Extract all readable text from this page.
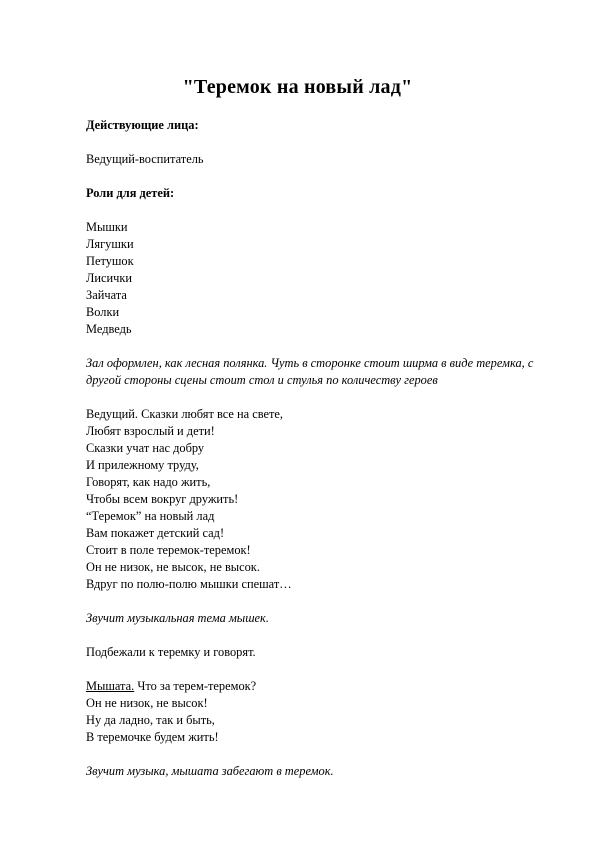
"Теремок на новый лад"
Действующие лица:
Ведущий-воспитатель
Роли для детей:
Мышки
Лягушки
Петушок
Лисички
Зайчата
Волки
Медведь
Зал оформлен, как лесная полянка. Чуть в сторонке стоит ширма в виде теремка, с другой стороны сцены стоит стол и стулья по количеству героев
Ведущий. Сказки любят все на свете,
Любят взрослый и дети!
Сказки учат нас добру
И прилежному труду,
Говорят, как надо жить,
Чтобы всем вокруг дружить!
“Теремок” на новый лад
Вам покажет детский сад!
Стоит в поле теремок-теремок!
Он не низок, не высок, не высок.
Вдруг по полю-полю мышки спешат…
Звучит музыкальная тема мышек.
Подбежали к теремку и говорят.
Мышата. Что за терем-теремок?
Он не низок, не высок!
Ну да ладно, так и быть,
В теремочке будем жить!
Звучит музыка, мышата забегают в теремок.
